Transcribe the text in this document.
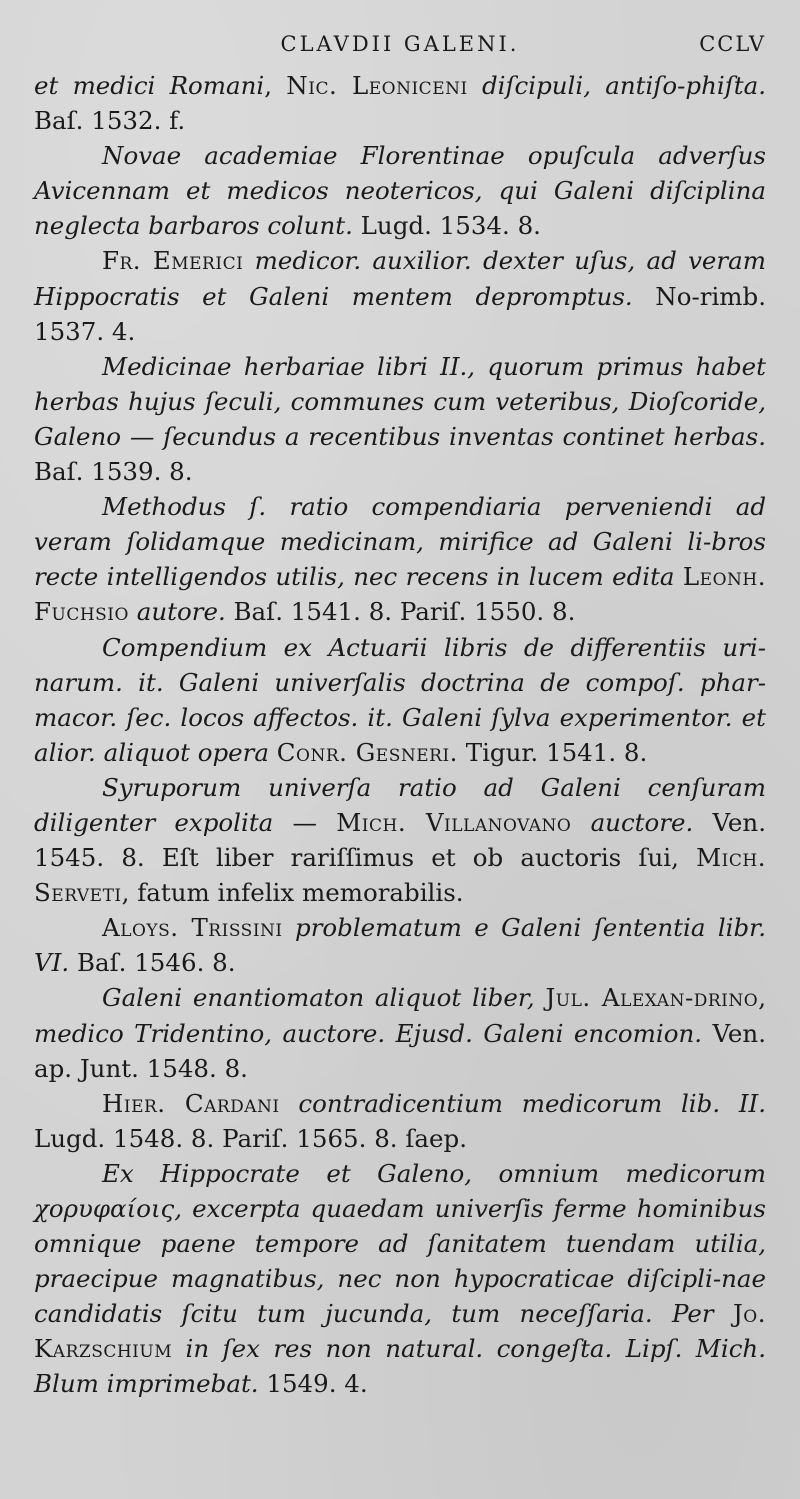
CLAVDII GALENI.	CCLV

et medici Romani, Nic. Leoniceni diſcipuli, antiſo-phiſta. Baſ. 1532. f.

Novae academiae Florentinae opuſcula adverſus Avicennam et medicos neotericos, qui Galeni diſciplina neglecta barbaros colunt. Lugd. 1534. 8.

Fr. Emerici medicor. auxilior. dexter uſus, ad veram Hippocratis et Galeni mentem depromptus. No-rimb. 1537. 4.

Medicinae herbariae libri II., quorum primus habet herbas hujus ſeculi, communes cum veteribus, Dioſcoride, Galeno — ſecundus a recentibus inventas continet herbas. Baſ. 1539. 8.

Methodus ſ. ratio compendiaria perveniendi ad veram ſolidamque medicinam, mirifice ad Galeni li-bros recte intelligendos utilis, nec recens in lucem edita Leonh. Fuchsio autore. Baſ. 1541. 8. Pariſ. 1550. 8.

Compendium ex Actuarii libris de differentiis uri-narum. it. Galeni univerſalis doctrina de compoſ. phar-macor. ſec. locos affectos. it. Galeni ſylva experimentor. et alior. aliquot opera Conr. Gesneri. Tigur. 1541. 8.

Syruporum univerſa ratio ad Galeni cenſuram diligenter expolita — Mich. Villanovano auctore. Ven. 1545. 8. Eſt liber rariſſimus et ob auctoris ſui, Mich. Serveti, fatum infelix memorabilis.

Aloys. Trissini problematum e Galeni ſententia libr. VI. Baſ. 1546. 8.

Galeni enantiomaton aliquot liber, Jul. Alexan-drino, medico Tridentino, auctore. Ejusd. Galeni encomion. Ven. ap. Junt. 1548. 8.

Hier. Cardani contradicentium medicorum lib. II. Lugd. 1548. 8. Pariſ. 1565. 8. ſaep.

Ex Hippocrate et Galeno, omnium medicorum χορυφαίοις, excerpta quaedam univerſis ferme hominibus omnique paene tempore ad ſanitatem tuendam utilia, praecipue magnatibus, nec non hypocraticae diſcipli-nae candidatis ſcitu tum jucunda, tum neceſſaria. Per Jo. Karzschium in ſex res non natural. congeſta. Lipſ. Mich. Blum imprimebat. 1549. 4.
